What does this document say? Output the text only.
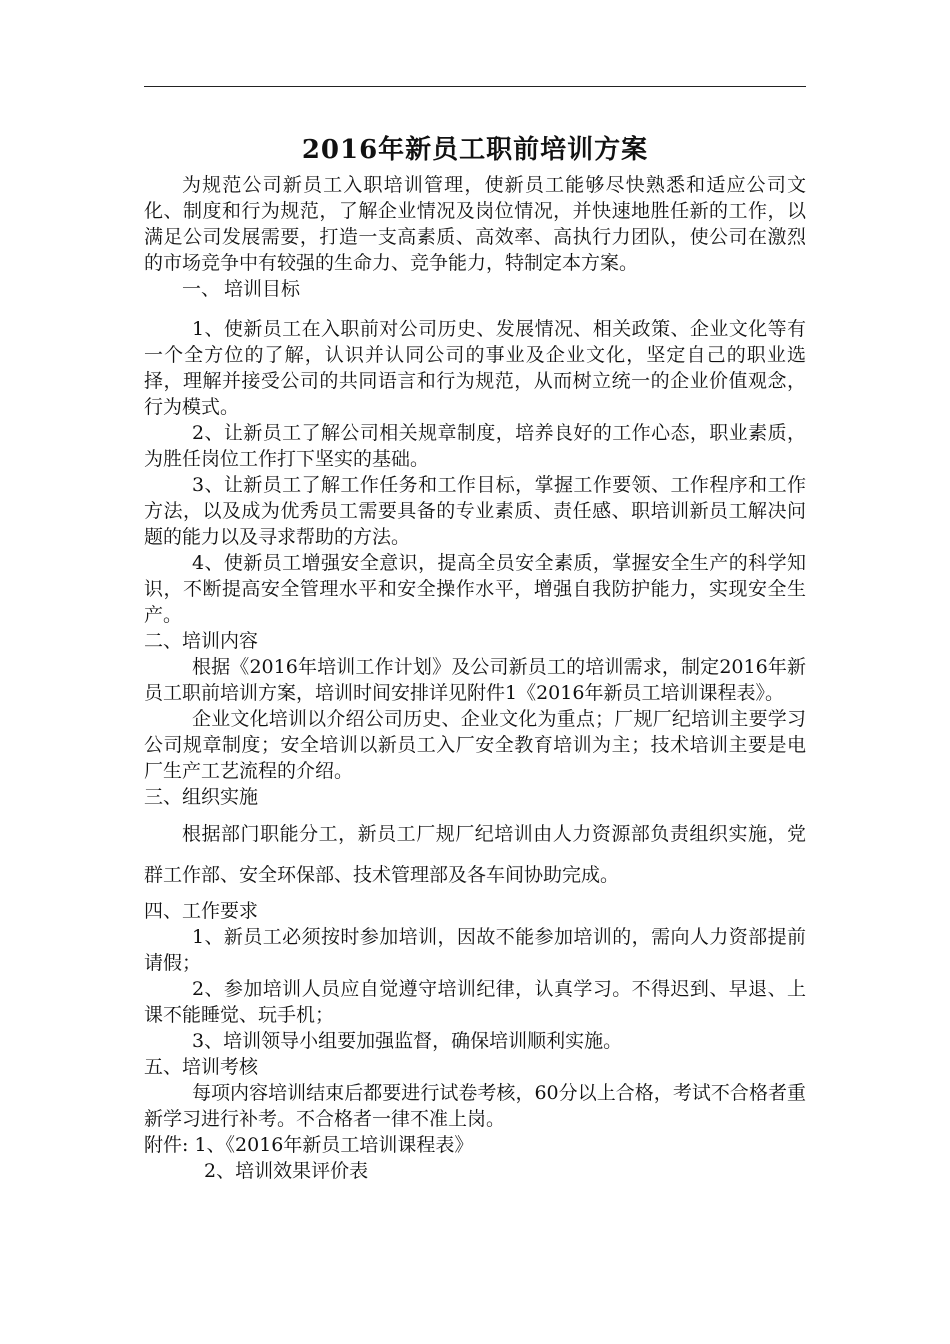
2016年新员工职前培训方案

为规范公司新员工入职培训管理，使新员工能够尽快熟悉和适应公司文化、制度和行为规范，了解企业情况及岗位情况，并快速地胜任新的工作，以满足公司发展需要，打造一支高素质、高效率、高执行力团队，使公司在激烈的市场竞争中有较强的生命力、竞争能力，特制定本方案。

一、 培训目标

1、使新员工在入职前对公司历史、发展情况、相关政策、企业文化等有一个全方位的了解，认识并认同公司的事业及企业文化，坚定自己的职业选择，理解并接受公司的共同语言和行为规范，从而树立统一的企业价值观念，行为模式。

2、让新员工了解公司相关规章制度，培养良好的工作心态，职业素质，为胜任岗位工作打下坚实的基础。

3、让新员工了解工作任务和工作目标，掌握工作要领、工作程序和工作方法，以及成为优秀员工需要具备的专业素质、责任感、职培训新员工解决问题的能力以及寻求帮助的方法。

4、使新员工增强安全意识，提高全员安全素质，掌握安全生产的科学知识，不断提高安全管理水平和安全操作水平，增强自我防护能力，实现安全生产。

二、培训内容

根据《2016年培训工作计划》及公司新员工的培训需求，制定2016年新员工职前培训方案，培训时间安排详见附件1《2016年新员工培训课程表》。

企业文化培训以介绍公司历史、企业文化为重点；厂规厂纪培训主要学习公司规章制度；安全培训以新员工入厂安全教育培训为主；技术培训主要是电厂生产工艺流程的介绍。

三、组织实施

根据部门职能分工，新员工厂规厂纪培训由人力资源部负责组织实施，党群工作部、安全环保部、技术管理部及各车间协助完成。

四、工作要求

1、新员工必须按时参加培训，因故不能参加培训的，需向人力资部提前请假；

2、参加培训人员应自觉遵守培训纪律，认真学习。不得迟到、早退、上课不能睡觉、玩手机；

3、培训领导小组要加强监督，确保培训顺利实施。

五、培训考核

每项内容培训结束后都要进行试卷考核，60分以上合格，考试不合格者重新学习进行补考。不合格者一律不准上岗。

附件: 1、《2016年新员工培训课程表》

2、培训效果评价表
